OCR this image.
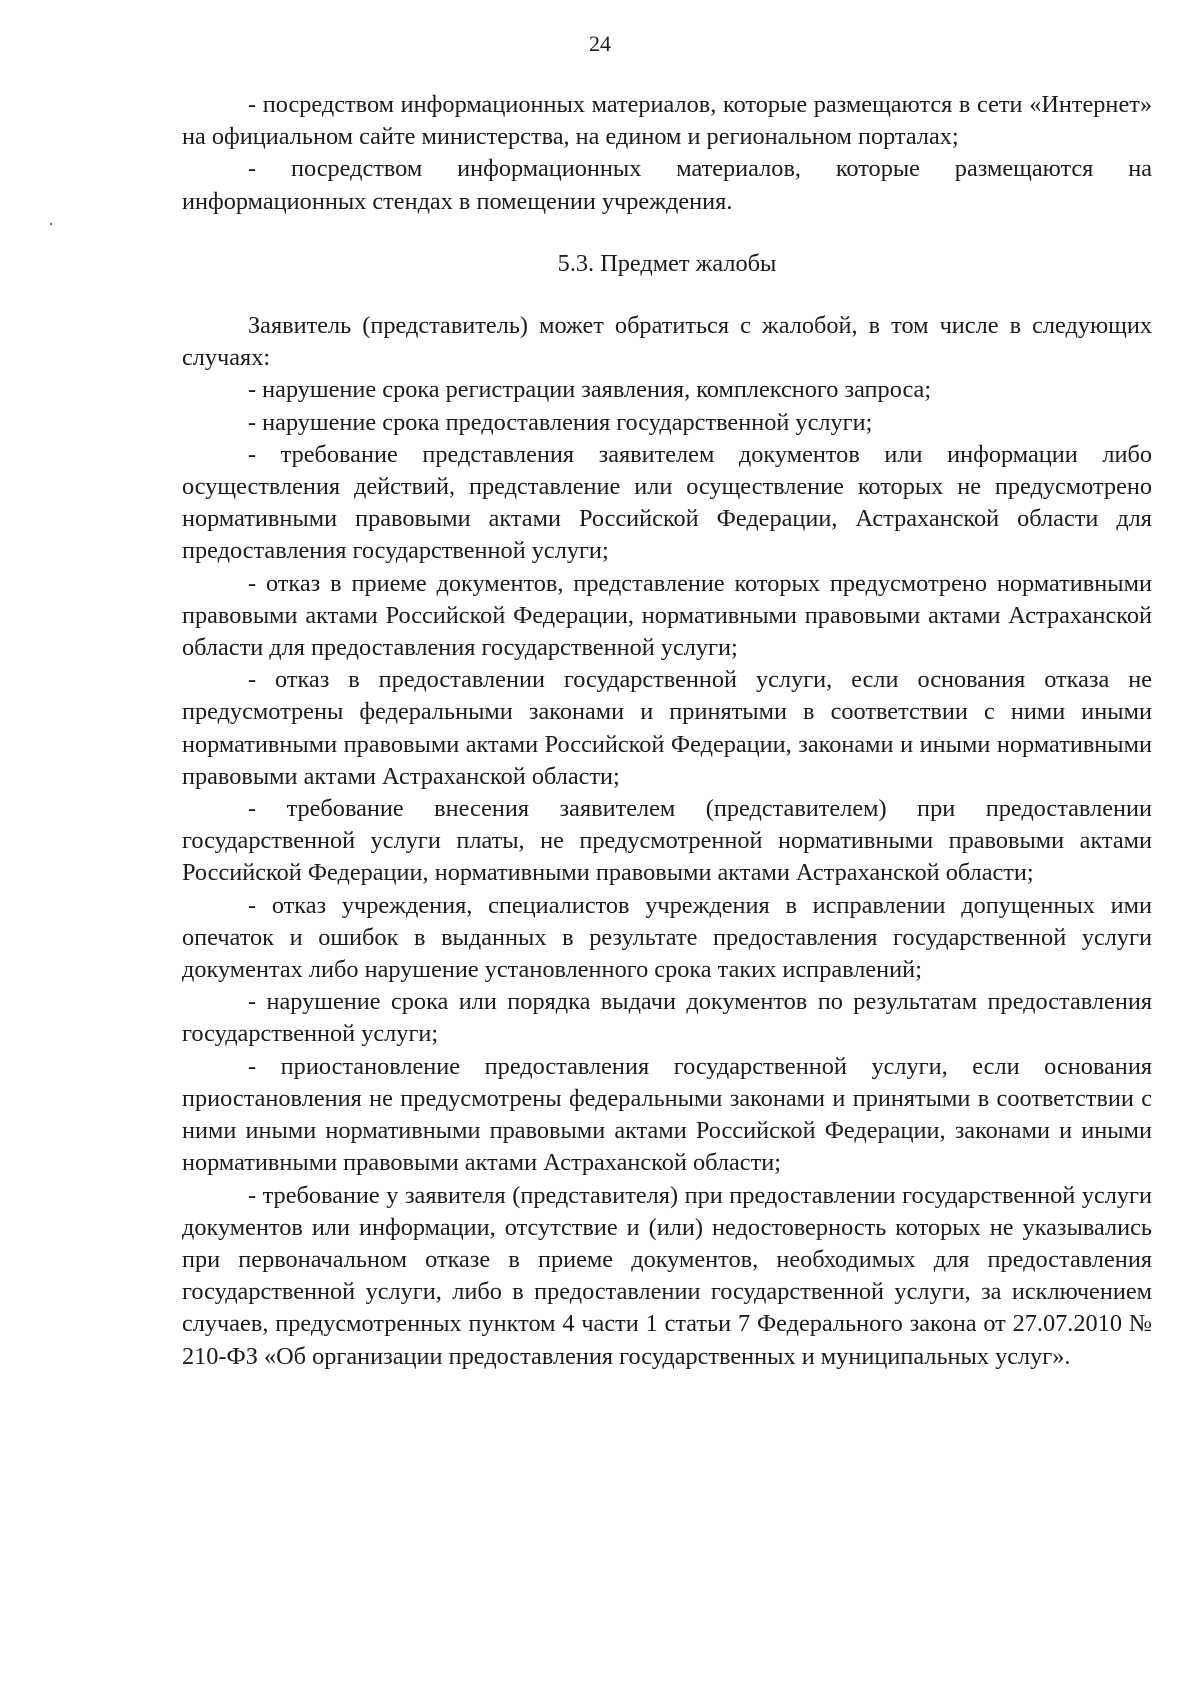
24

- посредством информационных материалов, которые размещаются в сети «Интернет» на официальном сайте министерства, на едином и региональном порталах;

- посредством информационных материалов, которые размещаются на информационных стендах в помещении учреждения.

5.3. Предмет жалобы

Заявитель (представитель) может обратиться с жалобой, в том числе в следующих случаях:

- нарушение срока регистрации заявления, комплексного запроса;

- нарушение срока предоставления государственной услуги;

- требование представления заявителем документов или информации либо осуществления действий, представление или осуществление которых не предусмотрено нормативными правовыми актами Российской Федерации, Астраханской области для предоставления государственной услуги;

- отказ в приеме документов, представление которых предусмотрено нормативными правовыми актами Российской Федерации, нормативными правовыми актами Астраханской области для предоставления государственной услуги;

- отказ в предоставлении государственной услуги, если основания отказа не предусмотрены федеральными законами и принятыми в соответствии с ними иными нормативными правовыми актами Российской Федерации, законами и иными нормативными правовыми актами Астраханской области;

- требование внесения заявителем (представителем) при предоставлении государственной услуги платы, не предусмотренной нормативными правовыми актами Российской Федерации, нормативными правовыми актами Астраханской области;

- отказ учреждения, специалистов учреждения в исправлении допущенных ими опечаток и ошибок в выданных в результате предоставления государственной услуги документах либо нарушение установленного срока таких исправлений;

- нарушение срока или порядка выдачи документов по результатам предоставления государственной услуги;

- приостановление предоставления государственной услуги, если основания приостановления не предусмотрены федеральными законами и принятыми в соответствии с ними иными нормативными правовыми актами Российской Федерации, законами и иными нормативными правовыми актами Астраханской области;

- требование у заявителя (представителя) при предоставлении государственной услуги документов или информации, отсутствие и (или) недостоверность которых не указывались при первоначальном отказе в приеме документов, необходимых для предоставления государственной услуги, либо в предоставлении государственной услуги, за исключением случаев, предусмотренных пунктом 4 части 1 статьи 7 Федерального закона от 27.07.2010 № 210-ФЗ «Об организации предоставления государственных и муниципальных услуг».
